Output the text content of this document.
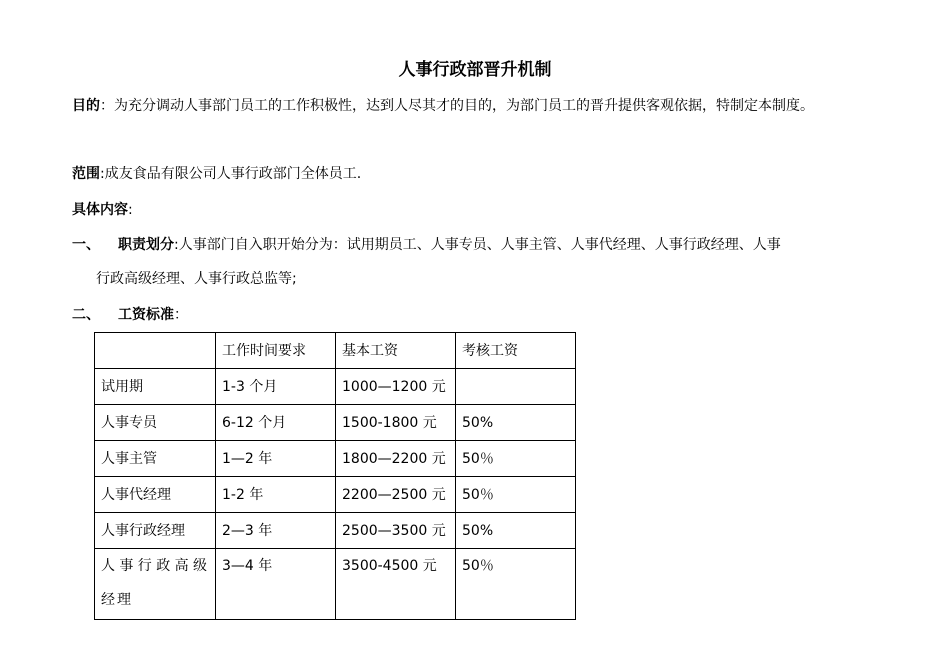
人事行政部晋升机制
目的：为充分调动人事部门员工的工作积极性，达到人尽其才的目的，为部门员工的晋升提供客观依据，特制定本制度。
范围:成友食品有限公司人事行政部门全体员工.
具体内容:
一、 职责划分:人事部门自入职开始分为：试用期员工、人事专员、人事主管、人事代经理、人事行政经理、人事
行政高级经理、人事行政总监等;
二、 工资标准：
	工作时间要求	基本工资	考核工资
试用期	1-3 个月	1000—1200 元	
人事专员	6-12 个月	1500-1800 元	50%
人事主管	1—2 年	1800—2200 元	50％
人事代经理	1-2 年	2200—2500 元	50％
人事行政经理	2—3 年	2500—3500 元	50%
人事行政高级经理	3—4 年	3500-4500 元	50％
